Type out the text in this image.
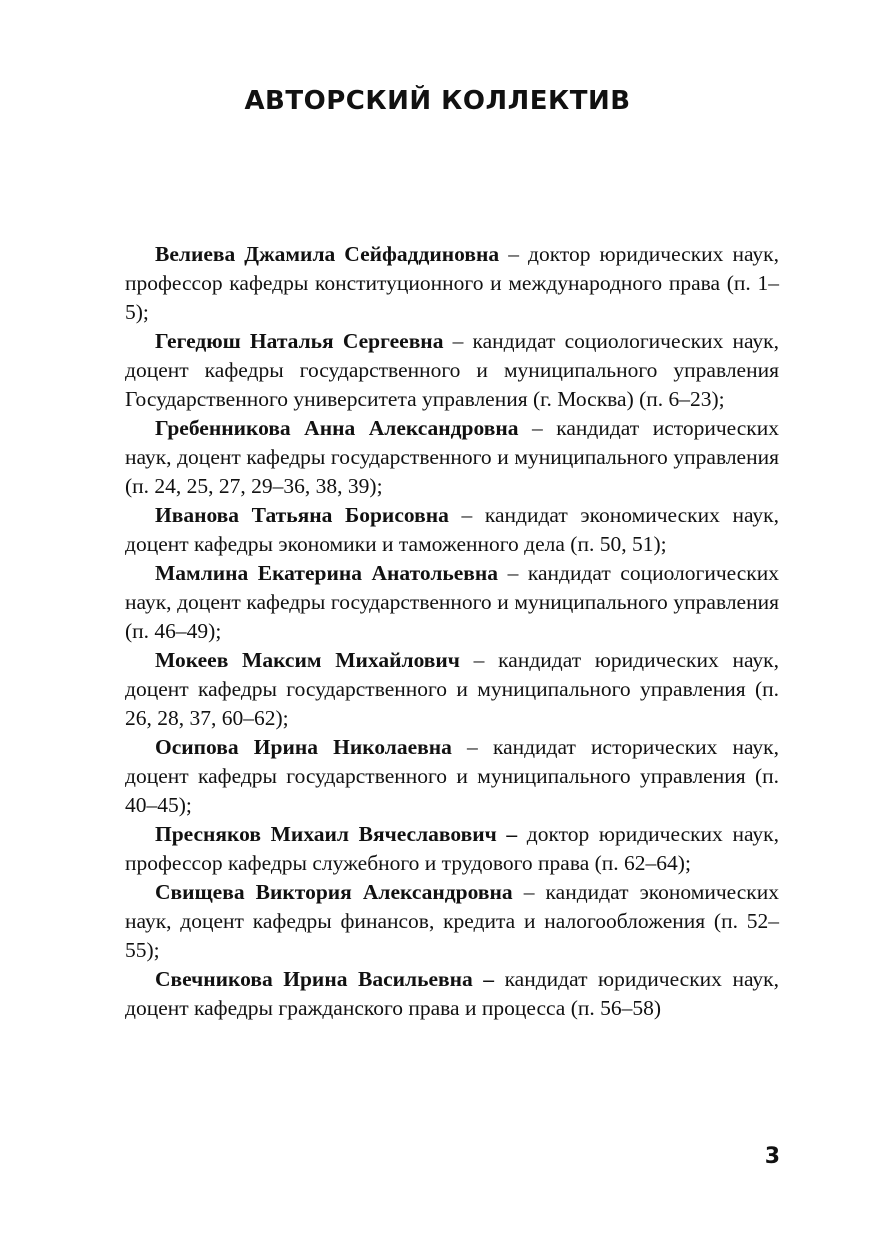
АВТОРСКИЙ КОЛЛЕКТИВ

Велиева Джамила Сейфаддиновна – доктор юридических наук, профессор кафедры конституционного и международного права (п. 1–5);

Гегедюш Наталья Сергеевна – кандидат социологических наук, доцент кафедры государственного и муниципального управления Государственного университета управления (г. Москва) (п. 6–23);

Гребенникова Анна Александровна – кандидат исторических наук, доцент кафедры государственного и муниципального управления (п. 24, 25, 27, 29–36, 38, 39);

Иванова Татьяна Борисовна – кандидат экономических наук, доцент кафедры экономики и таможенного дела (п. 50, 51);

Мамлина Екатерина Анатольевна – кандидат социологических наук, доцент кафедры государственного и муниципального управления (п. 46–49);

Мокеев Максим Михайлович – кандидат юридических наук, доцент кафедры государственного и муниципального управления (п. 26, 28, 37, 60–62);

Осипова Ирина Николаевна – кандидат исторических наук, доцент кафедры государственного и муниципального управления (п. 40–45);

Пресняков Михаил Вячеславович – доктор юридических наук, профессор кафедры служебного и трудового права (п. 62–64);

Свищева Виктория Александровна – кандидат экономических наук, доцент кафедры финансов, кредита и налогообложения (п. 52–55);

Свечникова Ирина Васильевна – кандидат юридических наук, доцент кафедры гражданского права и процесса (п. 56–58)

3
